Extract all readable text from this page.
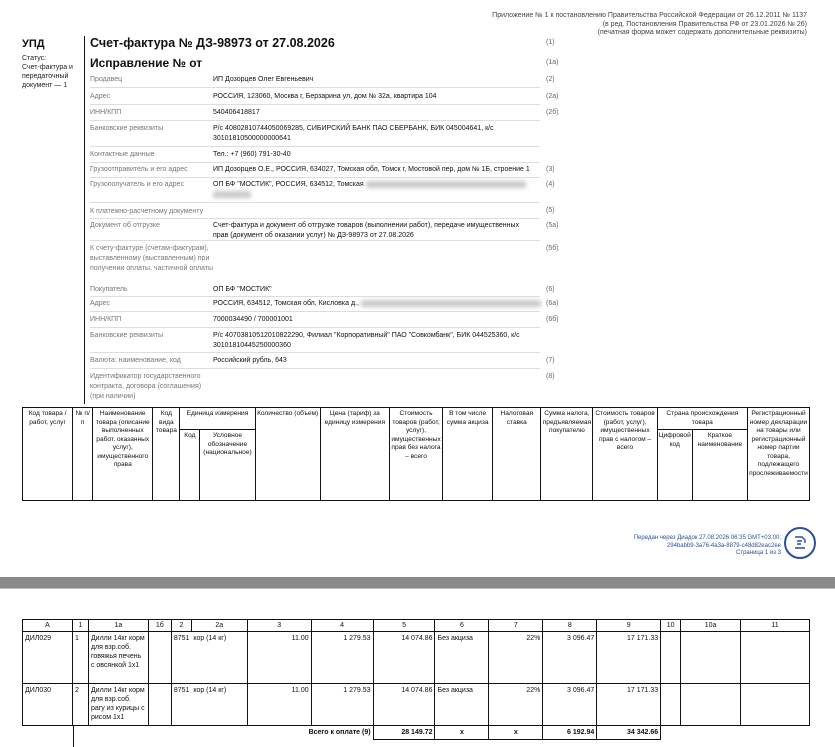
Приложение № 1 к постановлению Правительства Российской Федерации от 26.12.2011 № 1137
(в ред. Постановления Правительства РФ от 23.01.2026 № 26)
(печатная форма может содержать дополнительные реквизиты)
УПД
Статус:
Счет-фактура и передаточный документ — 1
Счет-фактура № ДЗ-98973 от 27.08.2026	(1)
Исправление № от	(1а)
Продавец	ИП Дозорцев Олег Евгеньевич	(2)
Адрес	РОССИЯ, 123060, Москва г, Берзарина ул, дом № 32а, квартира 104	(2а)
ИНН/КПП	540406418817	(2б)
Банковские реквизиты	Р/с 40802810744050069285, СИБИРСКИЙ БАНК ПАО СБЕРБАНК, БИК 045004641, к/с
30101810500000000641
Контактные данные	Тел.: +7 (960) 791-30-40
Грузоотправитель и его адрес	ИП Дозорцев О.Е., РОССИЯ, 634027, Томская обл, Томск г, Мостовой пер, дом № 1Б, строение 1	(3)
Грузополучатель и его адрес	ОП БФ "МОСТИК", РОССИЯ, 634512, Томская	(4)
К платежно-расчетному документу	(5)
Документ об отгрузке	Счет-фактура и документ об отгрузке товаров (выполнении работ), передаче имущественных
прав (документ об оказании услуг) № ДЗ-98973 от 27.08.2026
(5а)
К счету-фактуре (счетам-фактурам), выставленному (выставленным) при получении оплаты, частичной оплаты
(5б)
Покупатель	ОП БФ "МОСТИК"	(6)
Адрес	РОССИЯ, 634512, Томская обл, Кисловка д.,	(6а)
ИНН/КПП	7000034490 / 700001001	(6б)
Банковские реквизиты	Р/с 40703810512010822290, Филиал "Корпоративный" ПАО "Совкомбанк", БИК 044525360, к/с
30101810445250000360
Валюта: наименование, код	Российский рубль, 643	(7)
Идентификатор государственного контракта, договора (соглашения) (при наличии)
(8)
Код товара / работ, услуг	№ п/п	Наименование товара (описание выполненных работ, оказанных услуг), имущественного права	Код вида товара	Единица измерения		Количество (объем)	Цена (тариф) за единицу измерения	Стоимость товаров (работ, услуг), имущественных прав без налога – всего	В том числе сумма акциза	Налоговая ставка	Сумма налога, предъявляемая покупателю	Стоимость товаров (работ, услуг), имущественных прав с налогом – всего	Страна происхождения товара		Регистрационный номер декларации на товары или регистрационный номер партии товара, подлежащего прослеживаемости
				Код	Условное обозначение (национальное)								Цифровой код	Краткое наименование	
Передан через Диадок 27.08.2026 06:35 GMT+03:00;
294babb9-3a76-4a3a-8879-c48d82eac2ee
Страница 1 из 3
А	1	1а	1б	2	2а	3	4	5	6	7	8	9	10	10а	11
ДИЛ029	1	Дилли 14кг корм для взр.соб. говяжья печень с овсянкой 1х1		8751 кор (14 кг)		11.00	1 279.53	14 074.86	Без акциза	22%	3 096.47	17 171.33			
ДИЛ030	2	Дилли 14кг корм для взр.соб. рагу из курицы с рисом 1х1		8751 кор (14 кг)		11.00	1 279.53	14 074.86	Без акциза	22%	3 096.47	17 171.33			
Всего к оплате (9)								28 149.72	х	х	6 192.94	34 342.66			
